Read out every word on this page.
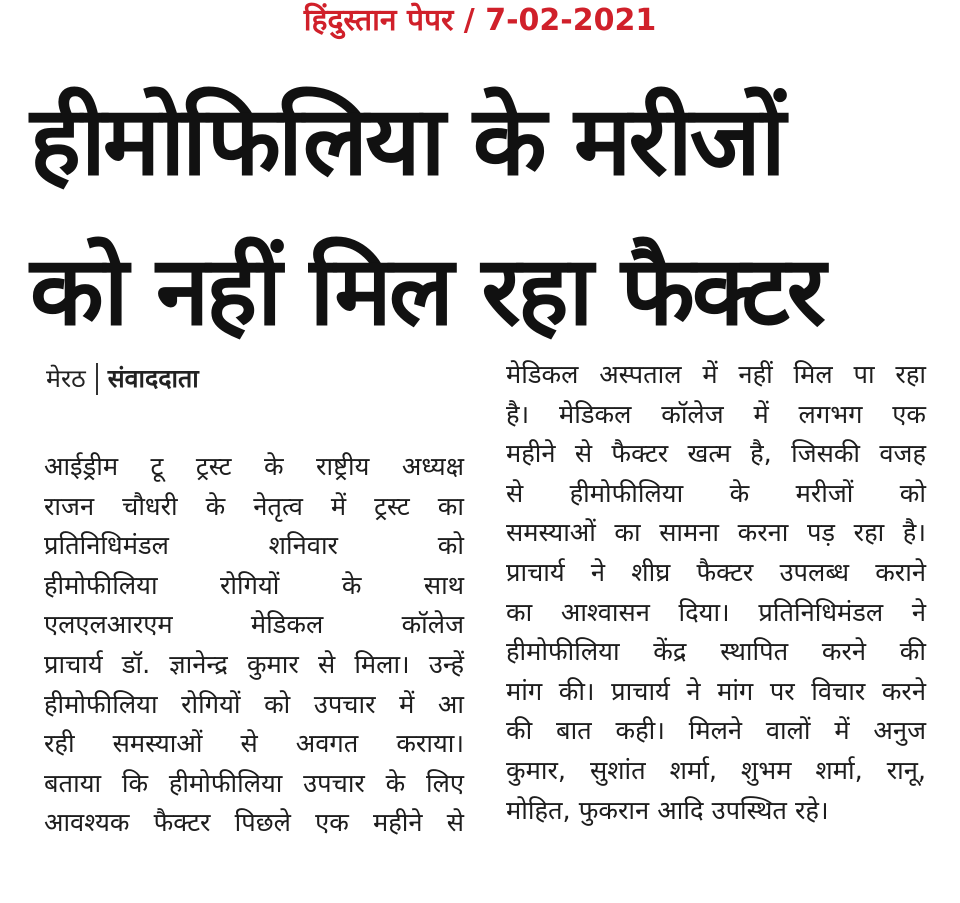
हिंदुस्तान पेपर / 7-02-2021
हीमोफिलिया के मरीजों
को नहीं मिल रहा फैक्टर
मेरठ संवाददाता

आईड्रीम टू ट्रस्ट के राष्ट्रीय अध्यक्ष

राजन चौधरी के नेतृत्व में ट्रस्ट का

प्रतिनिधिमंडल शनिवार को

हीमोफीलिया रोगियों के साथ

एलएलआरएम मेडिकल कॉलेज

प्राचार्य डॉ. ज्ञानेन्द्र कुमार से मिला। उन्हें

हीमोफीलिया रोगियों को उपचार में आ

रही समस्याओं से अवगत कराया।

बताया कि हीमोफीलिया उपचार के लिए

आवश्यक फैक्टर पिछले एक महीने से

मेडिकल अस्पताल में नहीं मिल पा रहा

है। मेडिकल कॉलेज में लगभग एक

महीने से फैक्टर खत्म है, जिसकी वजह

से हीमोफीलिया के मरीजों को

समस्याओं का सामना करना पड़ रहा है।

प्राचार्य ने शीघ्र फैक्टर उपलब्ध कराने

का आश्वासन दिया। प्रतिनिधिमंडल ने

हीमोफीलिया केंद्र स्थापित करने की

मांग की। प्राचार्य ने मांग पर विचार करने

की बात कही। मिलने वालों में अनुज

कुमार, सुशांत शर्मा, शुभम शर्मा, रानू,

मोहित, फुकरान आदि उपस्थित रहे।
